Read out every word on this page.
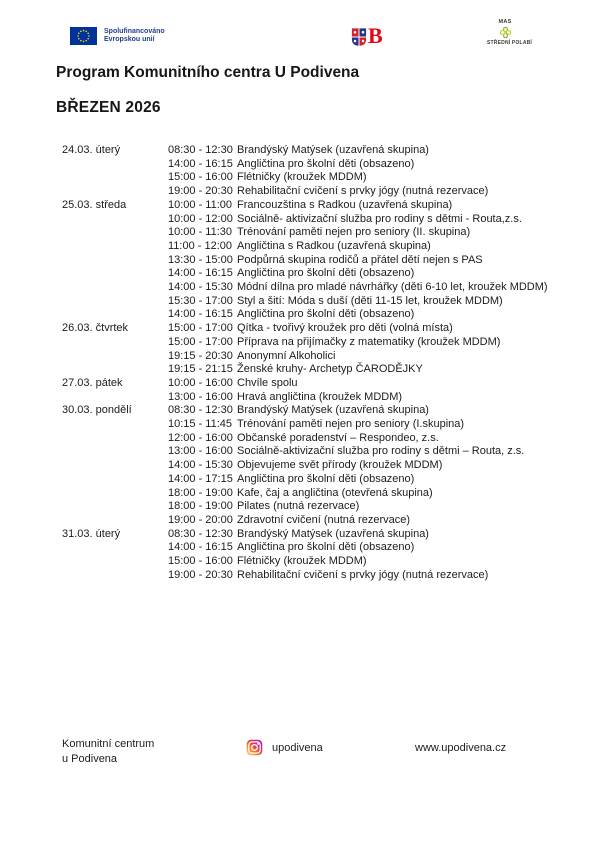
Spolufinancováno
Evropskou unií	B
MAS
STŘEDNÍ POLABÍ
Program Komunitního centra U Podivena
BŘEZEN 2026
24.03. úterý	08:30 - 12:30 Brandýský Matýsek (uzavřená skupina)
14:00 - 16:15 Angličtina pro školní děti (obsazeno)
15:00 - 16:00 Flétničky (kroužek MDDM)
19:00 - 20:30 Rehabilitační cvičení s prvky jógy (nutná rezervace)
25.03. středa	10:00 - 11:00 Francouzština s Radkou (uzavřená skupina)
10:00 - 12:00 Sociálně- aktivizační služba pro rodiny s dětmi - Routa,z.s.
10:00 - 11:30 Trénování paměti nejen pro seniory (II. skupina)
11:00 - 12:00 Angličtina s Radkou (uzavřená skupina)
13:30 - 15:00 Podpůrná skupina rodičů a přátel dětí nejen s PAS
14:00 - 16:15 Angličtina pro školní děti (obsazeno)
14:00 - 15:30 Módní dílna pro mladé návrhářky (děti 6-10 let, kroužek MDDM)
15:30 - 17:00 Styl a šití: Móda s duší (děti 11-15 let, kroužek MDDM)
14:00 - 16:15 Angličtina pro školní děti (obsazeno)
26.03. čtvrtek	15:00 - 17:00 Qítka - tvořivý kroužek pro děti (volná místa)
15:00 - 17:00 Příprava na přijímačky z matematiky (kroužek MDDM)
19:15 - 20:30 Anonymní Alkoholici
19:15 - 21:15 Ženské kruhy- Archetyp ČARODĚJKY
27.03. pátek	10:00 - 16:00 Chvíle spolu
13:00 - 16:00 Hravá angličtina (kroužek MDDM)
30.03. pondělí	08:30 - 12:30 Brandýský Matýsek (uzavřená skupina)
10:15 - 11:45 Trénování paměti nejen pro seniory (I.skupina)
12:00 - 16:00 Občanské poradenství – Respondeo, z.s.
13:00 - 16:00 Sociálně-aktivizační služba pro rodiny s dětmi – Routa, z.s.
14:00 - 15:30 Objevujeme svět přírody (kroužek MDDM)
14:00 - 17:15 Angličtina pro školní děti (obsazeno)
18:00 - 19:00 Kafe, čaj a angličtina (otevřená skupina)
18:00 - 19:00 Pilates (nutná rezervace)
19:00 - 20:00 Zdravotní cvičení (nutná rezervace)
31.03. úterý	08:30 - 12:30 Brandýský Matýsek (uzavřená skupina)
14:00 - 16:15 Angličtina pro školní děti (obsazeno)
15:00 - 16:00 Flétničky (kroužek MDDM)
19:00 - 20:30 Rehabilitační cvičení s prvky jógy (nutná rezervace)
Komunitní centrum
u Podivena
upodivena	www.upodivena.cz
